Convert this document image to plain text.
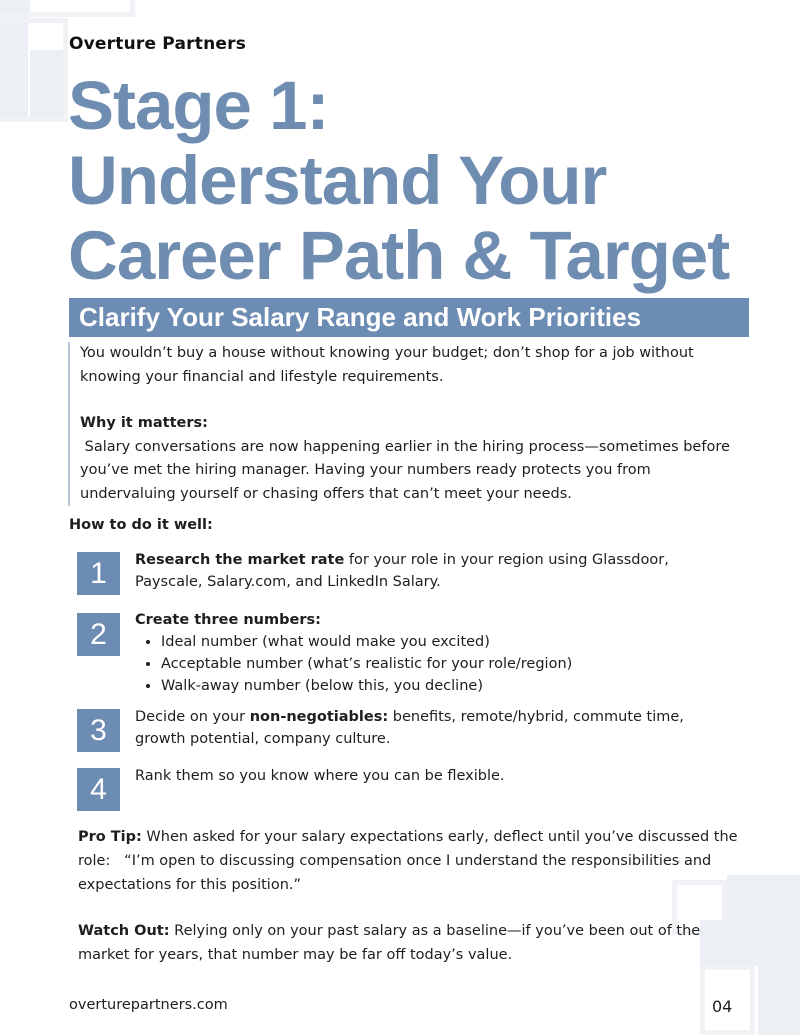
Overture Partners
Stage 1:
Understand Your
Career Path & Target
Clarify Your Salary Range and Work Priorities

You wouldn’t buy a house without knowing your budget; don’t shop for a job without knowing your financial and lifestyle requirements.

Why it matters:

Salary conversations are now happening earlier in the hiring process—sometimes before you’ve met the hiring manager. Having your numbers ready protects you from undervaluing yourself or chasing offers that can’t meet your needs.

How to do it well:
1	Research the market rate for your role in your region using Glassdoor, Payscale, Salary.com, and LinkedIn Salary.
2	Create three numbers:
• Ideal number (what would make you excited)
• Acceptable number (what’s realistic for your role/region)
• Walk-away number (below this, you decline)
3	Decide on your non-negotiables: benefits, remote/hybrid, commute time, growth potential, company culture.
4	Rank them so you know where you can be flexible.
Pro Tip: When asked for your salary expectations early, deflect until you’ve discussed the role:   “I’m open to discussing compensation once I understand the responsibilities and expectations for this position.”
Watch Out: Relying only on your past salary as a baseline—if you’ve been out of the market for years, that number may be far off today’s value.
overturepartners.com	04
